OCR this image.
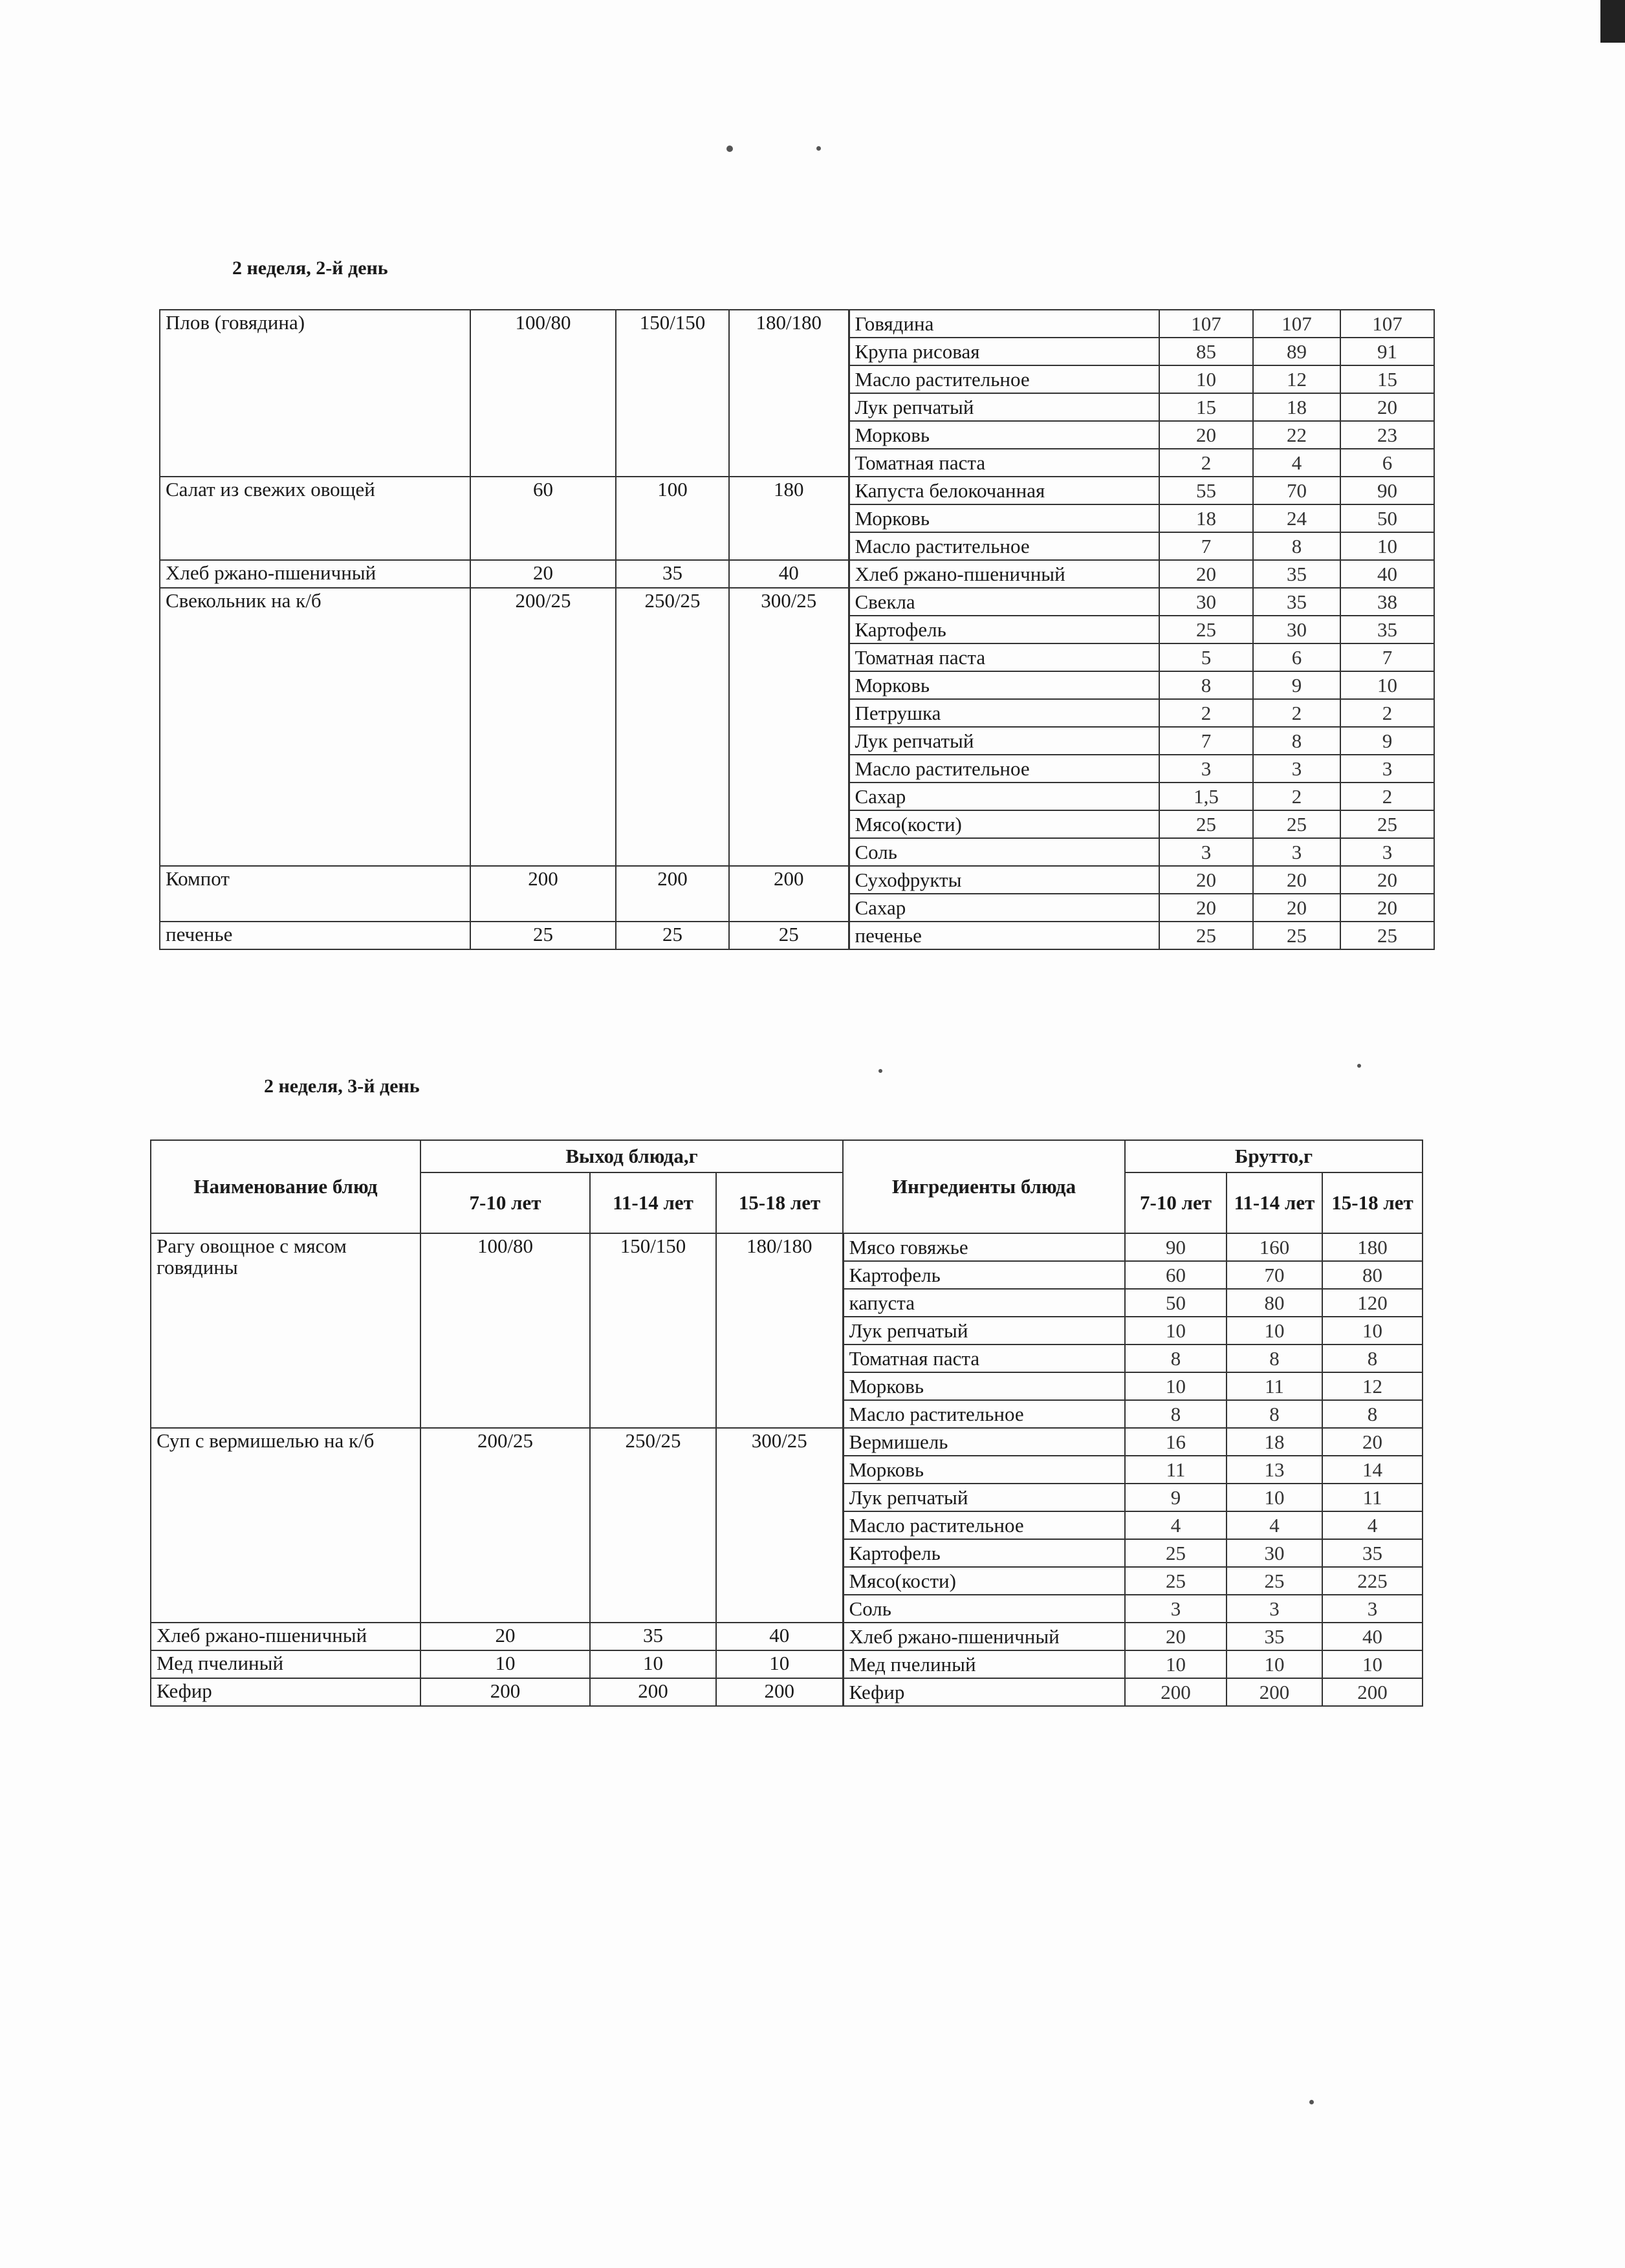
2 неделя, 2-й день
Плов (говядина)	100/80	150/150	180/180	Говядина	107	107	107
				Крупа рисовая	85	89	91
				Масло растительное	10	12	15
				Лук репчатый	15	18	20
				Морковь	20	22	23
				Томатная паста	2	4	6
Салат из свежих овощей	60	100	180	Капуста белокочанная	55	70	90
				Морковь	18	24	50
				Масло растительное	7	8	10
Хлеб ржано-пшеничный	20	35	40	Хлеб ржано-пшеничный	20	35	40
Свекольник на к/б	200/25	250/25	300/25	Свекла	30	35	38
				Картофель	25	30	35
				Томатная паста	5	6	7
				Морковь	8	9	10
				Петрушка	2	2	2
				Лук репчатый	7	8	9
				Масло растительное	3	3	3
				Сахар	1,5	2	2
				Мясо(кости)	25	25	25
				Соль	3	3	3
Компот	200	200	200	Сухофрукты	20	20	20
				Сахар	20	20	20
печенье	25	25	25	печенье	25	25	25
2 неделя, 3-й день
Наименование блюд	Выход блюда,г			Ингредиенты блюда	Брутто,г		
	7-10 лет	11-14 лет	15-18 лет		7-10 лет	11-14 лет	15-18 лет
Рагу овощное с мясом говядины	100/80	150/150	180/180	Мясо говяжье	90	160	180
				Картофель	60	70	80
				капуста	50	80	120
				Лук репчатый	10	10	10
				Томатная паста	8	8	8
				Морковь	10	11	12
				Масло растительное	8	8	8
Суп с вермишелью на к/б	200/25	250/25	300/25	Вермишель	16	18	20
				Морковь	11	13	14
				Лук репчатый	9	10	11
				Масло растительное	4	4	4
				Картофель	25	30	35
				Мясо(кости)	25	25	225
				Соль	3	3	3
Хлеб ржано-пшеничный	20	35	40	Хлеб ржано-пшеничный	20	35	40
Мед пчелиный	10	10	10	Мед пчелиный	10	10	10
Кефир	200	200	200	Кефир	200	200	200
